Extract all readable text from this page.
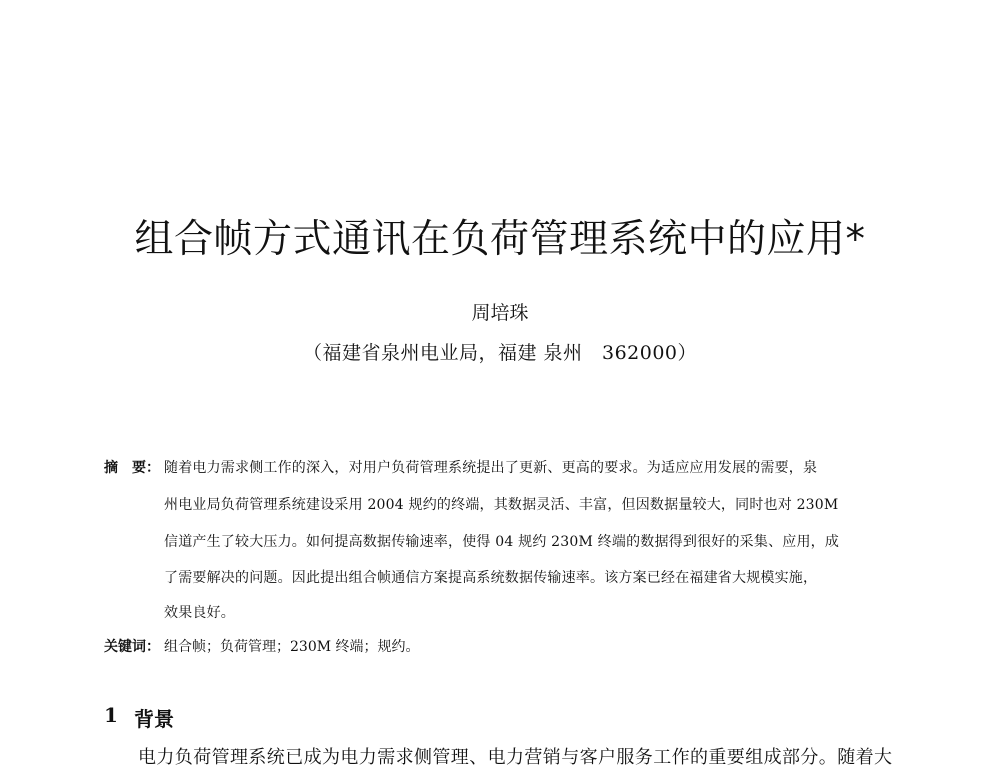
组合帧方式通讯在负荷管理系统中的应用*

周培珠

（福建省泉州电业局，福建 泉州　362000）

摘　要： 随着电力需求侧工作的深入，对用户负荷管理系统提出了更新、更高的要求。为适应应用发展的需要，泉
州电业局负荷管理系统建设采用 2004 规约的终端，其数据灵活、丰富，但因数据量较大，同时也对 230M
信道产生了较大压力。如何提高数据传输速率，使得 04 规约 230M 终端的数据得到很好的采集、应用，成
了需要解决的问题。因此提出组合帧通信方案提高系统数据传输速率。该方案已经在福建省大规模实施，
效果良好。
关键词： 组合帧；负荷管理；230M 终端；规约。
1 背景
电力负荷管理系统已成为电力需求侧管理、电力营销与客户服务工作的重要组成部分。随着大
